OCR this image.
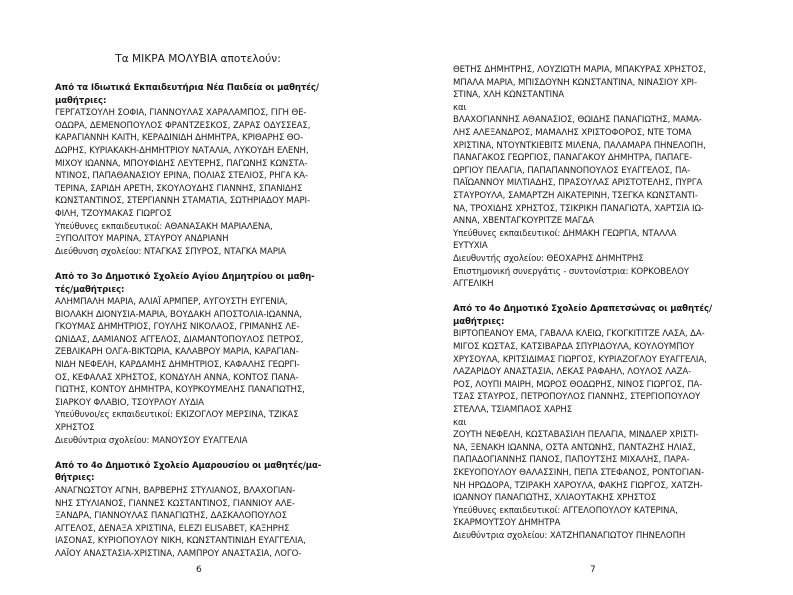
Τα ΜΙΚΡΑ ΜΟΛΥΒΙΑ αποτελούν:
Από τα Ιδιωτικά Εκπαιδευτήρια Νέα Παιδεία οι μαθητές/
μαθήτριες:
ΓΕΡΓΑΤΣΟΥΛΗ ΣΟΦΙΑ, ΓΙΑΝΝΟΥΛΑΣ ΧΑΡΑΛΑΜΠΟΣ, ΓΙΓΗ ΘΕ-
ΟΔΩΡΑ, ΔΕΜΕΝΟΠΟΥΛΟΣ ΦΡΑΝΤΖΕΣΚΟΣ, ΖΑΡΑΣ ΟΔΥΣΣΕΑΣ,
ΚΑΡΑΓΙΑΝΝΗ ΚΑΙΤΗ, ΚΕΡΑΔΙΝΙΔΗ ΔΗΜΗΤΡΑ, ΚΡΙΘΑΡΗΣ ΘΟ-
ΔΩΡΗΣ, ΚΥΡΙΑΚΑΚΗ-ΔΗΜΗΤΡΙΟΥ ΝΑΤΑΛΙΑ, ΛΥΚΟΥΔΗ ΕΛΕΝΗ,
ΜΙΧΟΥ ΙΩΑΝΝΑ, ΜΠΟΥΦΙΔΗΣ ΛΕΥΤΕΡΗΣ, ΠΑΓΩΝΗΣ ΚΩΝΣΤΑ-
ΝΤΙΝΟΣ, ΠΑΠΑΘΑΝΑΣΙΟΥ ΕΡΙΝΑ, ΠΟΛΙΑΣ ΣΤΕΛΙΟΣ, ΡΗΓΑ ΚΑ-
ΤΕΡΙΝΑ, ΣΑΡΙΔΗ ΑΡΕΤΗ, ΣΚΟΥΛΟΥΔΗΣ ΓΙΑΝΝΗΣ, ΣΠΑΝΙΔΗΣ
ΚΩΝΣΤΑΝΤΙΝΟΣ, ΣΤΕΡΓΙΑΝΝΗ ΣΤΑΜΑΤΙΑ, ΣΩΤΗΡΙΑΔΟΥ ΜΑΡΙ-
ΦΙΛΗ, ΤΖΟΥΜΑΚΑΣ ΓΙΩΡΓΟΣ
Υπεύθυνες εκπαιδευτικοί: ΑΘΑΝΑΣΑΚΗ ΜΑΡΙΑΛΕΝΑ,
ΞΥΠΟΛΙΤΟΥ ΜΑΡΙΝΑ, ΣΤΑΥΡΟΥ ΑΝΔΡΙΑΝΗ
Διεύθυνση σχολείου: ΝΤΑΓΚΑΣ ΣΠΥΡΟΣ, ΝΤΑΓΚΑ ΜΑΡΙΑ
Από το 3ο Δημοτικό Σχολείο Αγίου Δημητρίου οι μαθη-
τές/μαθήτριες:
ΑΛΗΜΠΑΛΗ ΜΑΡΙΑ, ΑΛΙΑΪ ΑΡΜΠΕΡ, ΑΥΓΟΥΣΤΗ ΕΥΓΕΝΙΑ,
ΒΙΟΛΑΚΗ ΔΙΟΝΥΣΙΑ-ΜΑΡΙΑ, ΒΟΥΔΑΚΗ ΑΠΟΣΤΟΛΙΑ-ΙΩΑΝΝΑ,
ΓΚΟΥΜΑΣ ΔΗΜΗΤΡΙΟΣ, ΓΟΥΛΗΣ ΝΙΚΟΛΑΟΣ, ΓΡΙΜΑΝΗΣ ΛΕ-
ΩΝΙΔΑΣ, ΔΑΜΙΑΝΟΣ ΑΓΓΕΛΟΣ, ΔΙΑΜΑΝΤΟΠΟΥΛΟΣ ΠΕΤΡΟΣ,
ΖΕΒΛΙΚΑΡΗ ΟΛΓΑ-ΒΙΚΤΩΡΙΑ, ΚΑΛΑΒΡΟΥ ΜΑΡΙΑ, ΚΑΡΑΓΙΑΝ-
ΝΙΔΗ ΝΕΦΕΛΗ, ΚΑΡΔΑΜΗΣ ΔΗΜΗΤΡΙΟΣ, ΚΑΦΑΛΗΣ ΓΕΩΡΓΙ-
ΟΣ, ΚΕΦΑΛΑΣ ΧΡΗΣΤΟΣ, ΚΟΝΔΥΛΗ ΑΝΝΑ, ΚΟΝΤΟΣ ΠΑΝΑ-
ΓΙΩΤΗΣ, ΚΟΝΤΟΥ ΔΗΜΗΤΡΑ, ΚΟΥΡΚΟΥΜΕΛΗΣ ΠΑΝΑΓΙΩΤΗΣ,
ΣΙΑΡΚΟΥ ΦΛΑΒΙΟ, ΤΣΟΥΡΛΟΥ ΛΥΔΙΑ
Υπεύθυνοι/ες εκπαιδευτικοί: ΕΚΙΖΟΓΛΟΥ ΜΕΡΣΙΝΑ, ΤΖΙΚΑΣ
ΧΡΗΣΤΟΣ
Διευθύντρια σχολείου: ΜΑΝΟΥΣΟΥ ΕΥΑΓΓΕΛΙΑ
Από το 4ο Δημοτικό Σχολείο Αμαρουσίου οι μαθητές/μα-
θήτριες:
ΑΝΑΓΝΩΣΤΟΥ ΑΓΝΗ, ΒΑΡΒΕΡΗΣ ΣΤΥΛΙΑΝΟΣ, ΒΛΑΧΟΓΙΑΝ-
ΝΗΣ ΣΤΥΛΙΑΝΟΣ, ΓΙΑΝΝΕΣ ΚΩΣΤΑΝΤΙΝΟΣ, ΓΙΑΝΝΙΟΥ ΑΛΕ-
ΞΑΝΔΡΑ, ΓΙΑΝΝΟΥΛΑΣ ΠΑΝΑΓΙΩΤΗΣ, ΔΑΣΚΑΛΟΠΟΥΛΟΣ
ΑΓΓΕΛΟΣ, ΔΕΝΑΞΑ ΧΡΙΣΤΙΝΑ, ELEZI ELISABET, ΚΑΞΗΡΗΣ
ΙΑΣΟΝΑΣ, ΚΥΡΙΟΠΟΥΛΟΥ ΝΙΚΗ, ΚΩΝΣΤΑΝΤΙΝΙΔΗ ΕΥΑΓΓΕΛΙΑ,
ΛΑΪΟΥ ΑΝΑΣΤΑΣΙΑ-ΧΡΙΣΤΙΝΑ, ΛΑΜΠΡΟΥ ΑΝΑΣΤΑΣΙΑ, ΛΟΓΟ-
6
ΘΕΤΗΣ ΔΗΜΗΤΡΗΣ, ΛΟΥΖΙΩΤΗ ΜΑΡΙΑ, ΜΠΑΚΥΡΑΣ ΧΡΗΣΤΟΣ,
ΜΠΑΛΑ ΜΑΡΙΑ, ΜΠΙΣΔΟΥΝΗ ΚΩΝΣΤΑΝΤΙΝΑ, ΝΙΝΑΣΙΟΥ ΧΡΙ-
ΣΤΙΝΑ, ΧΛΗ ΚΩΝΣΤΑΝΤΙΝΑ
και
ΒΛΑΧΟΓΙΑΝΝΗΣ ΑΘΑΝΑΣΙΟΣ, ΘΩΙΔΗΣ ΠΑΝΑΓΙΩΤΗΣ, ΜΑΜΑ-
ΛΗΣ ΑΛΕΞΑΝΔΡΟΣ, ΜΑΜΑΛΗΣ ΧΡΙΣΤΟΦΟΡΟΣ, ΝΤΕ ΤΟΜΑ
ΧΡΙΣΤΙΝΑ, ΝΤΟΥΝΤΚΙΕΒΙΤΣ ΜΙΛΕΝΑ, ΠΑΛΑΜΑΡΑ ΠΗΝΕΛΟΠΗ,
ΠΑΝΑΓΑΚΟΣ ΓΕΩΡΓΙΟΣ, ΠΑΝΑΓΑΚΟΥ ΔΗΜΗΤΡΑ, ΠΑΠΑΓΕ-
ΩΡΓΙΟΥ ΠΕΛΑΓΙΑ, ΠΑΠΑΠΑΝΝΟΠΟΥΛΟΣ ΕΥΑΓΓΕΛΟΣ, ΠΑ-
ΠΑΪΩΑΝΝΟΥ ΜΙΛΤΙΑΔΗΣ, ΠΡΑΣΟΥΛΑΣ ΑΡΙΣΤΟΤΕΛΗΣ, ΠΥΡΓΑ
ΣΤΑΥΡΟΥΛΑ, ΣΑΜΑΡΤΖΗ ΑΙΚΑΤΕΡΙΝΗ, ΤΣΕΓΚΑ ΚΩΝΣΤΑΝΤΙ-
ΝΑ, ΤΡΟΧΙΔΗΣ ΧΡΗΣΤΟΣ, ΤΣΙΚΡΙΚΗ ΠΑΝΑΓΙΩΤΑ, ΧΑΡΤΣΙΑ ΙΩ-
ΑΝΝΑ, ΧΒΕΝΤΑΓΚΟΥΡΙΤΖΕ ΜΑΓΔΑ
Υπεύθυνες εκπαιδευτικοί: ΔΗΜΑΚΗ ΓΕΩΡΓΙΑ, ΝΤΑΛΛΑ
ΕΥΤΥΧΙΑ
Διευθυντής σχολείου: ΘΕΟΧΑΡΗΣ ΔΗΜΗΤΡΗΣ
Επιστημονική συνεργάτις - συντονίστρια: ΚΟΡΚΟΒΕΛΟΥ
ΑΓΓΕΛΙΚΗ
Από το 4ο Δημοτικό Σχολείο Δραπετσώνας οι μαθητές/
μαθήτριες:
ΒΙΡΤΟΠΕΑΝΟΥ ΕΜΑ, ΓΑΒΑΛΑ ΚΛΕΙΩ, ΓΚΟΓΚΙΤΙΤΖΕ ΛΑΣΑ, ΔΑ-
ΜΙΓΟΣ ΚΩΣΤΑΣ, ΚΑΤΣΙΒΑΡΔΑ ΣΠΥΡΙΔΟΥΛΑ, ΚΟΥΛΟΥΜΠΟΥ
ΧΡΥΣΟΥΛΑ, ΚΡΙΤΣΙΔΙΜΑΣ ΓΙΩΡΓΟΣ, ΚΥΡΙΑΖΟΓΛΟΥ ΕΥΑΓΓΕΛΙΑ,
ΛΑΖΑΡΙΔΟΥ ΑΝΑΣΤΑΣΙΑ, ΛΕΚΑΣ ΡΑΦΑΗΛ, ΛΟΥΛΟΣ ΛΑΖΑ-
ΡΟΣ, ΛΟΥΠΙ ΜΑΙΡΗ, ΜΩΡΟΣ ΘΟΔΩΡΗΣ, ΝΙΝΟΣ ΓΙΩΡΓΟΣ, ΠΑ-
ΤΣΑΣ ΣΤΑΥΡΟΣ, ΠΕΤΡΟΠΟΥΛΟΣ ΓΙΑΝΝΗΣ, ΣΤΕΡΓΙΟΠΟΥΛΟΥ
ΣΤΕΛΛΑ, ΤΣΙΑΜΠΑΟΣ ΧΑΡΗΣ
και
ΖΟΥΤΗ ΝΕΦΕΛΗ, ΚΩΣΤΑΒΑΣΙΛΗ ΠΕΛΑΓΙΑ, ΜΙΝΔΛΕΡ ΧΡΙΣΤΙ-
ΝΑ, ΞΕΝΑΚΗ ΙΩΑΝΝΑ, ΟΣΤΑ ΑΝΤΩΝΗΣ, ΠΑΝΤΑΖΗΣ ΗΛΙΑΣ,
ΠΑΠΑΔΟΓΙΑΝΝΗΣ ΠΑΝΟΣ, ΠΑΠΟΥΤΣΗΣ ΜΙΧΑΛΗΣ, ΠΑΡΑ-
ΣΚΕΥΟΠΟΥΛΟΥ ΘΑΛΑΣΣΙΝΗ, ΠΕΠΑ ΣΤΕΦΑΝΟΣ, ΡΟΝΤΟΓΙΑΝ-
ΝΗ ΗΡΩΔΟΡΑ, ΤΖΙΡΑΚΗ ΧΑΡΟΥΛΑ, ΦΑΚΗΣ ΓΙΩΡΓΟΣ, ΧΑΤΖΗ-
ΙΩΑΝΝΟΥ ΠΑΝΑΓΙΩΤΗΣ, ΧΛΙΑΟΥΤΑΚΗΣ ΧΡΗΣΤΟΣ
Υπεύθυνες εκπαιδευτικοί: ΑΓΓΕΛΟΠΟΥΛΟΥ ΚΑΤΕΡΙΝΑ,
ΣΚΑΡΜΟΥΤΣΟΥ ΔΗΜΗΤΡΑ
Διευθύντρια σχολείου: ΧΑΤΖΗΠΑΝΑΓΙΩΤΟΥ ΠΗΝΕΛΟΠΗ
7
